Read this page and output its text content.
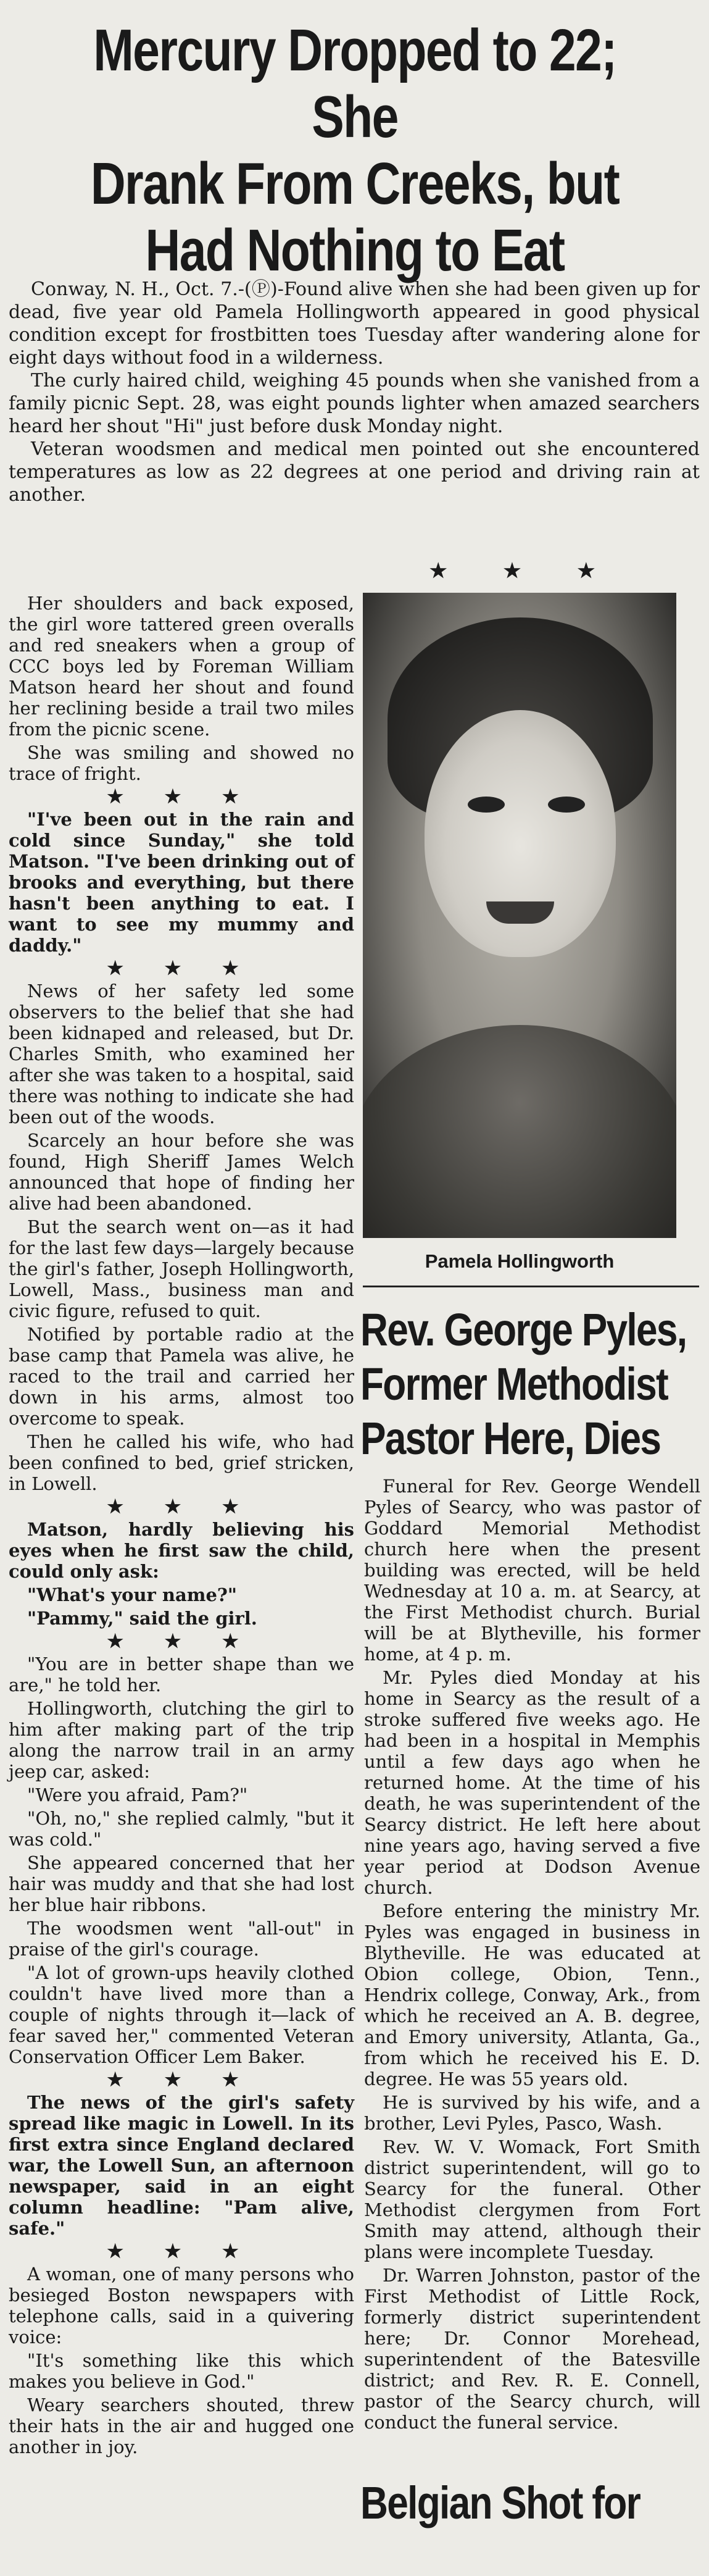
Mercury Dropped to 22; She
Drank From Creeks, but
Had Nothing to Eat

Conway, N. H., Oct. 7.-(Ⓟ)-Found alive when she had been given up for dead, five year old Pamela Hollingworth appeared in good physical condition except for frostbitten toes Tuesday after wandering alone for eight days without food in a wilderness.

The curly haired child, weighing 45 pounds when she vanished from a family picnic Sept. 28, was eight pounds lighter when amazed searchers heard her shout "Hi" just before dusk Monday night.

Veteran woodsmen and medical men pointed out she encountered temperatures as low as 22 degrees at one period and driving rain at another.

★ ★ ★
Pamela Hollingworth

Her shoulders and back exposed, the girl wore tattered green overalls and red sneakers when a group of CCC boys led by Foreman William Matson heard her shout and found her reclining beside a trail two miles from the picnic scene.

She was smiling and showed no trace of fright.

★ ★ ★

"I've been out in the rain and cold since Sunday," she told Matson. "I've been drinking out of brooks and everything, but there hasn't been anything to eat. I want to see my mummy and daddy."

★ ★ ★

News of her safety led some observers to the belief that she had been kidnaped and released, but Dr. Charles Smith, who examined her after she was taken to a hospital, said there was nothing to indicate she had been out of the woods.

Scarcely an hour before she was found, High Sheriff James Welch announced that hope of finding her alive had been abandoned.

But the search went on—as it had for the last few days—largely because the girl's father, Joseph Hollingworth, Lowell, Mass., business man and civic figure, refused to quit.

Notified by portable radio at the base camp that Pamela was alive, he raced to the trail and carried her down in his arms, almost too overcome to speak.

Then he called his wife, who had been confined to bed, grief stricken, in Lowell.

★ ★ ★

Matson, hardly believing his eyes when he first saw the child, could only ask:

"What's your name?"

"Pammy," said the girl.

★ ★ ★

"You are in better shape than we are," he told her.

Hollingworth, clutching the girl to him after making part of the trip along the narrow trail in an army jeep car, asked:

"Were you afraid, Pam?"

"Oh, no," she replied calmly, "but it was cold."

She appeared concerned that her hair was muddy and that she had lost her blue hair ribbons.

The woodsmen went "all-out" in praise of the girl's courage.

"A lot of grown-ups heavily clothed couldn't have lived more than a couple of nights through it—lack of fear saved her," commented Veteran Conservation Officer Lem Baker.

★ ★ ★

The news of the girl's safety spread like magic in Lowell. In its first extra since England declared war, the Lowell Sun, an afternoon newspaper, said in an eight column headline: "Pam alive, safe."

★ ★ ★

A woman, one of many persons who besieged Boston newspapers with telephone calls, said in a quivering voice:

"It's something like this which makes you believe in God."

Weary searchers shouted, threw their hats in the air and hugged one another in joy.

Rev. George Pyles,
Former Methodist
Pastor Here, Dies

Funeral for Rev. George Wendell Pyles of Searcy, who was pastor of Goddard Memorial Methodist church here when the present building was erected, will be held Wednesday at 10 a. m. at Searcy, at the First Methodist church. Burial will be at Blytheville, his former home, at 4 p. m.

Mr. Pyles died Monday at his home in Searcy as the result of a stroke suffered five weeks ago. He had been in a hospital in Memphis until a few days ago when he returned home. At the time of his death, he was superintendent of the Searcy district. He left here about nine years ago, having served a five year period at Dodson Avenue church.

Before entering the ministry Mr. Pyles was engaged in business in Blytheville. He was educated at Obion college, Obion, Tenn., Hendrix college, Conway, Ark., from which he received an A. B. degree, and Emory university, Atlanta, Ga., from which he received his E. D. degree. He was 55 years old.

He is survived by his wife, and a brother, Levi Pyles, Pasco, Wash.

Rev. W. V. Womack, Fort Smith district superintendent, will go to Searcy for the funeral. Other Methodist clergymen from Fort Smith may attend, although their plans were incomplete Tuesday.

Dr. Warren Johnston, pastor of the First Methodist of Little Rock, formerly district superintendent here; Dr. Connor Morehead, superintendent of the Batesville district; and Rev. R. E. Connell, pastor of the Searcy church, will conduct the funeral service.

Belgian Shot for
